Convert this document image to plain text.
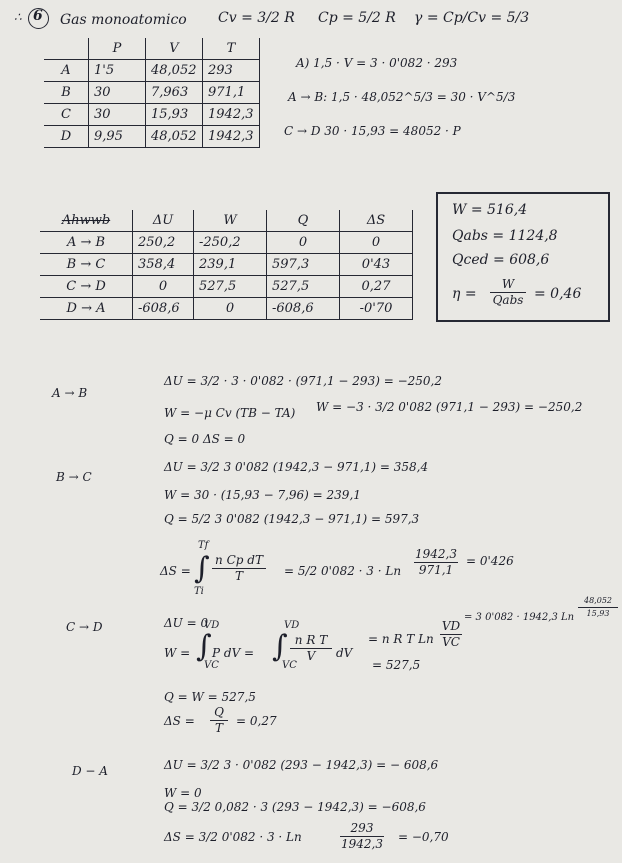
∴ 6 Gas monoatomico Cv = 3/2 R Cp = 5/2 R γ = Cp/Cv = 5/3
	P	V	T
A	1'5	48,052	293
B	30	7,963	971,1
C	30	15,93	1942,3
D	9,95	48,052	1942,3
A) 1,5 · V = 3 · 0'082 · 293
A → B: 1,5 · 48,052^5/3 = 30 · V^5/3
C → D 30 · 15,93 = 48052 · P
Ahwwb	ΔU	W	Q	ΔS
A → B	250,2	-250,2	0	0
B → C	358,4	239,1	597,3	0'43
C → D	0	527,5	527,5	0,27
D → A	-608,6	0	-608,6	-0'70
W = 516,4
Qabs = 1124,8
Qced = 608,6
η =
W
Qabs = 0,46
A → B
ΔU = 3/2 · 3 · 0'082 · (971,1 − 293) = −250,2
W = −μ Cv (TB − TA) W = −3 · 3/2 0'082 (971,1 − 293) = −250,2
Q = 0 ΔS = 0
B → C
ΔU = 3/2 3 0'082 (1942,3 − 971,1) = 358,4
W = 30 · (15,93 − 7,96) = 239,1
Q = 5/2 3 0'082 (1942,3 − 971,1) = 597,3
ΔS = ∫
Tf
Ti
n Cp dT
T	= 5/2 0'082 · 3 · Ln
1942,3
971,1
= 0'426
C → D	ΔU = 0
W = ∫
VD
VC
P dV = ∫
VD
VC
n R T
V	dV
= n R T Ln
VD
VC
= 3 0'082 · 1942,3 Ln
48,052
15,93
= 527,5
Q = W = 527,5
ΔS =
Q
T	= 0,27
D − A	ΔU = 3/2 3 · 0'082 (293 − 1942,3) = − 608,6
W = 0
Q = 3/2 0,082 · 3 (293 − 1942,3) = −608,6
ΔS = 3/2 0'082 · 3 · Ln
293
1942,3 = −0,70
